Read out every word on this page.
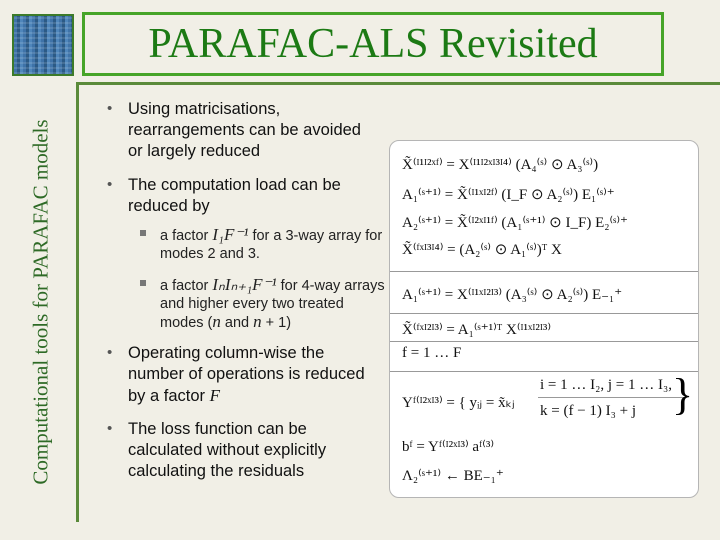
Computational tools for PARAFAC models
PARAFAC-ALS Revisited
• Using matricisations, rearrangements can be avoided or largely reduced
• The computation load can be reduced by
a factor I₁F⁻¹ for a 3-way array for modes 2 and 3.
a factor IₙIₙ₊₁F⁻¹ for 4-way arrays and higher every two treated modes (n and n + 1)
• Operating column-wise the number of operations is reduced by a factor F
• The loss function can be calculated without explicitly calculating the residuals
X̃⁽ᴵ¹ᴵ²ˣᶠ⁾ = X⁽ᴵ¹ᴵ²ˣᴵ³ᴵ⁴⁾ (A₄⁽ˢ⁾ ⊙ A₃⁽ˢ⁾)
A₁⁽ˢ⁺¹⁾ = X̃⁽ᴵ¹ˣᴵ²ᶠ⁾ (I_F ⊙ A₂⁽ˢ⁾) E₁⁽ˢ⁾⁺
A₂⁽ˢ⁺¹⁾ = X̃⁽ᴵ²ˣᴵ¹ᶠ⁾ (A₁⁽ˢ⁺¹⁾ ⊙ I_F) E₂⁽ˢ⁾⁺
X̃⁽ᶠˣᴵ³ᴵ⁴⁾ = (A₂⁽ˢ⁾ ⊙ A₁⁽ˢ⁾)ᵀ X
A₁⁽ˢ⁺¹⁾ = X⁽ᴵ¹ˣᴵ²ᴵ³⁾ (A₃⁽ˢ⁾ ⊙ A₂⁽ˢ⁾) E₋₁⁺
X̃⁽ᶠˣᴵ²ᴵ³⁾ = A₁⁽ˢ⁺¹⁾ᵀ X⁽ᴵ¹ˣᴵ²ᴵ³⁾
f = 1 … F
Yᶠ⁽ᴵ²ˣᴵ³⁾ = { yᵢⱼ = x̃ₖⱼ
i = 1 … I₂, j = 1 … I₃,
k = (f − 1) I₃ + j }
bᶠ = Yᶠ⁽ᴵ²ˣᴵ³⁾ aᶠ⁽³⁾
Λ₂⁽ˢ⁺¹⁾ ← BE₋₁⁺
